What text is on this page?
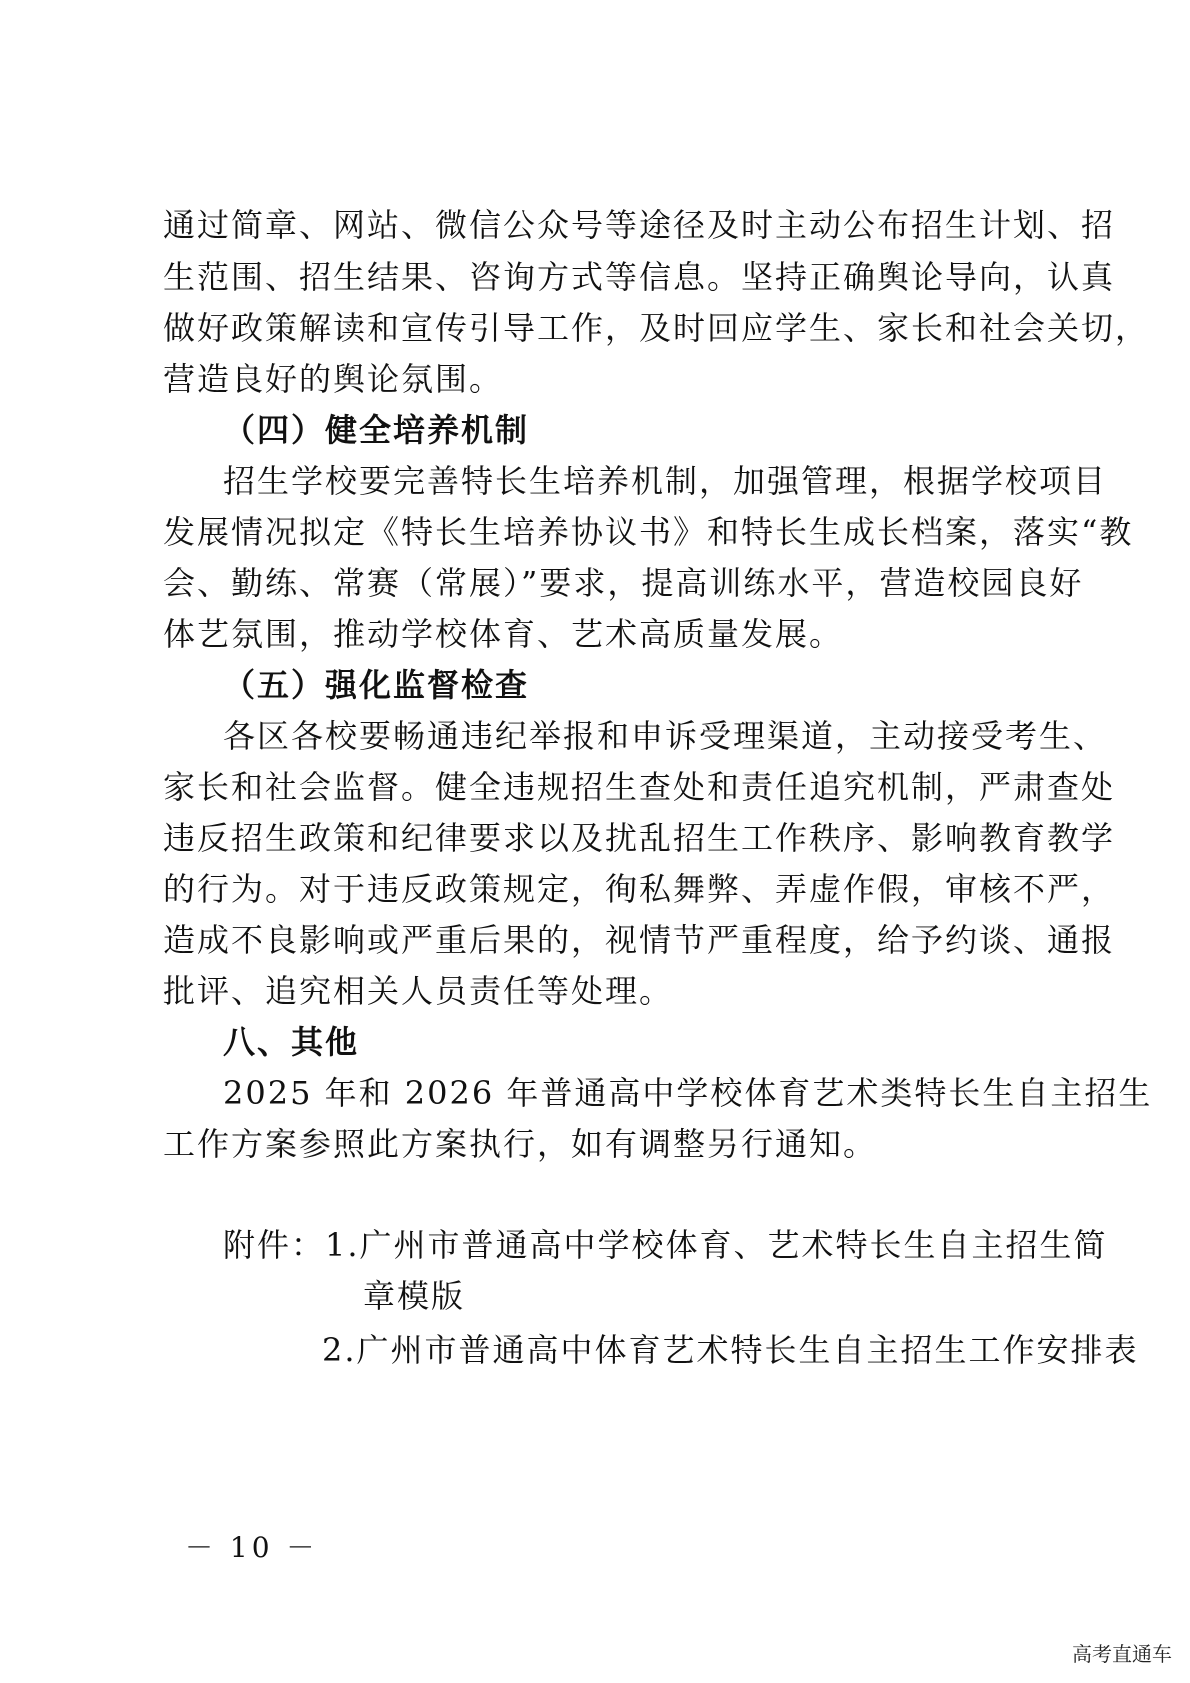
通过简章、网站、微信公众号等途径及时主动公布招生计划、招
生范围、招生结果、咨询方式等信息。坚持正确舆论导向，认真
做好政策解读和宣传引导工作，及时回应学生、家长和社会关切，
营造良好的舆论氛围。
（四）健全培养机制
招生学校要完善特长生培养机制，加强管理，根据学校项目
发展情况拟定《特长生培养协议书》和特长生成长档案，落实“教
会、勤练、常赛（常展）”要求，提高训练水平，营造校园良好
体艺氛围，推动学校体育、艺术高质量发展。
（五）强化监督检查
各区各校要畅通违纪举报和申诉受理渠道，主动接受考生、
家长和社会监督。健全违规招生查处和责任追究机制，严肃查处
违反招生政策和纪律要求以及扰乱招生工作秩序、影响教育教学
的行为。对于违反政策规定，徇私舞弊、弄虚作假，审核不严，
造成不良影响或严重后果的，视情节严重程度，给予约谈、通报
批评、追究相关人员责任等处理。
八、其他
2025 年和 2026 年普通高中学校体育艺术类特长生自主招生
工作方案参照此方案执行，如有调整另行通知。
附件：1.广州市普通高中学校体育、艺术特长生自主招生简
章模版
2.广州市普通高中体育艺术特长生自主招生工作安排表
－ 10 －
高考直通车
